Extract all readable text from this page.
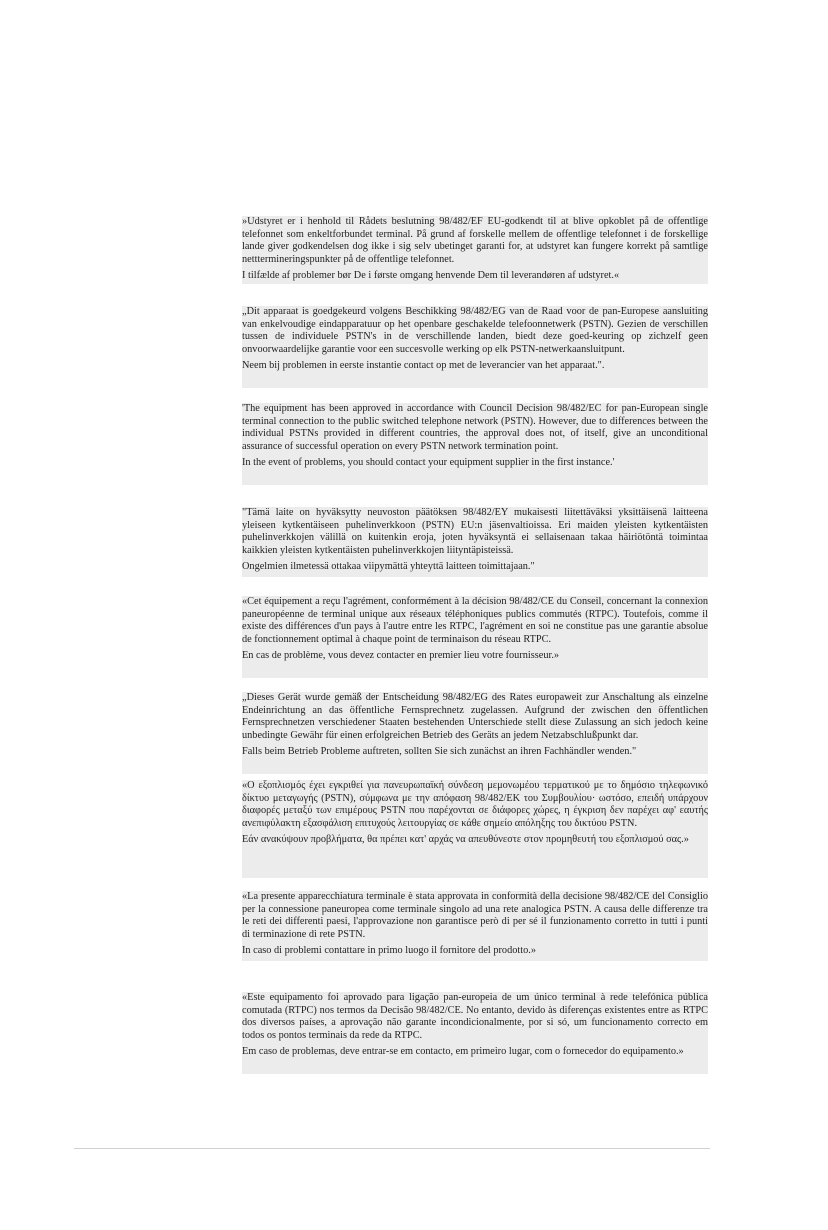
»Udstyret er i henhold til Rådets beslutning 98/482/EF EU-godkendt til at blive opkoblet på de offentlige telefonnet som enkeltforbundet terminal. På grund af forskelle mellem de offentlige telefonnet i de forskellige lande giver godkendelsen dog ikke i sig selv ubetinget garanti for, at udstyret kan fungere korrekt på samtlige netttermineringspunkter på de offentlige telefonnet.

I tilfælde af problemer bør De i første omgang henvende Dem til leverandøren af udstyret.«

„Dit apparaat is goedgekeurd volgens Beschikking 98/482/EG van de Raad voor de pan-Europese aansluiting van enkelvoudige eindapparatuur op het openbare geschakelde telefoonnetwerk (PSTN). Gezien de verschillen tussen de individuele PSTN's in de verschillende landen, biedt deze goed-keuring op zichzelf geen onvoorwaardelijke garantie voor een succesvolle werking op elk PSTN-netwerkaansluitpunt.

Neem bij problemen in eerste instantie contact op met de leverancier van het apparaat.".

'The equipment has been approved in accordance with Council Decision 98/482/EC for pan-European single terminal connection to the public switched telephone network (PSTN). However, due to differences between the individual PSTNs provided in different countries, the approval does not, of itself, give an unconditional assurance of successful operation on every PSTN network termination point.

In the event of problems, you should contact your equipment supplier in the first instance.'

"Tämä laite on hyväksytty neuvoston päätöksen 98/482/EY mukaisesti liitettäväksi yksittäisenä laitteena yleiseen kytkentäiseen puhelinverkkoon (PSTN) EU:n jäsenvaltioissa. Eri maiden yleisten kytkentäisten puhelinverkkojen välillä on kuitenkin eroja, joten hyväksyntä ei sellaisenaan takaa häiriötöntä toimintaa kaikkien yleisten kytkentäisten puhelinverkkojen liityntäpisteissä.

Ongelmien ilmetessä ottakaa viipymättä yhteyttä laitteen toimittajaan."

«Cet équipement a reçu l'agrément, conformément à la décision 98/482/CE du Conseil, concernant la connexion paneuropéenne de terminal unique aux réseaux téléphoniques publics commutés (RTPC). Toutefois, comme il existe des différences d'un pays à l'autre entre les RTPC, l'agrément en soi ne constitue pas une garantie absolue de fonctionnement optimal à chaque point de terminaison du réseau RTPC.

En cas de problème, vous devez contacter en premier lieu votre fournisseur.»

„Dieses Gerät wurde gemäß der Entscheidung 98/482/EG des Rates europaweit zur Anschaltung als einzelne Endeinrichtung an das öffentliche Fernsprechnetz zugelassen. Aufgrund der zwischen den öffentlichen Fernsprechnetzen verschiedener Staaten bestehenden Unterschiede stellt diese Zulassung an sich jedoch keine unbedingte Gewähr für einen erfolgreichen Betrieb des Geräts an jedem Netzabschlußpunkt dar.

Falls beim Betrieb Probleme auftreten, sollten Sie sich zunächst an ihren Fachhändler wenden."

«Ο εξοπλισμός έχει εγκριθεί για πανευρωπαϊκή σύνδεση μεμονωμέου τερματικού με το δημόσιο τηλεφωνικό δίκτυο μεταγωγής (PSTN), σύμφωνα με την απόφαση 98/482/ΕΚ του Συμβουλίου· ωστόσο, επειδή υπάρχουν διαφορές μεταξύ των επιμέρους PSTN που παρέχονται σε διάφορες χώρες, η έγκριση δεν παρέχει αφ' εαυτής ανεπιφύλακτη εξασφάλιση επιτυχούς λειτουργίας σε κάθε σημείο απόληξης του δικτύου PSTN.

Εάν ανακύψουν προβλήματα, θα πρέπει κατ' αρχάς να απευθύνεστε στον προμηθευτή του εξοπλισμού σας.»

«La presente apparecchiatura terminale è stata approvata in conformità della decisione 98/482/CE del Consiglio per la connessione paneuropea come terminale singolo ad una rete analogica PSTN. A causa delle differenze tra le reti dei differenti paesi, l'approvazione non garantisce però di per sé il funzionamento corretto in tutti i punti di terminazione di rete PSTN.

In caso di problemi contattare in primo luogo il fornitore del prodotto.»

«Este equipamento foi aprovado para ligação pan-europeia de um único terminal à rede telefónica pública comutada (RTPC) nos termos da Decisão 98/482/CE. No entanto, devido às diferenças existentes entre as RTPC dos diversos países, a aprovação não garante incondicionalmente, por si só, um funcionamento correcto em todos os pontos terminais da rede da RTPC.

Em caso de problemas, deve entrar-se em contacto, em primeiro lugar, com o fornecedor do equipamento.»
